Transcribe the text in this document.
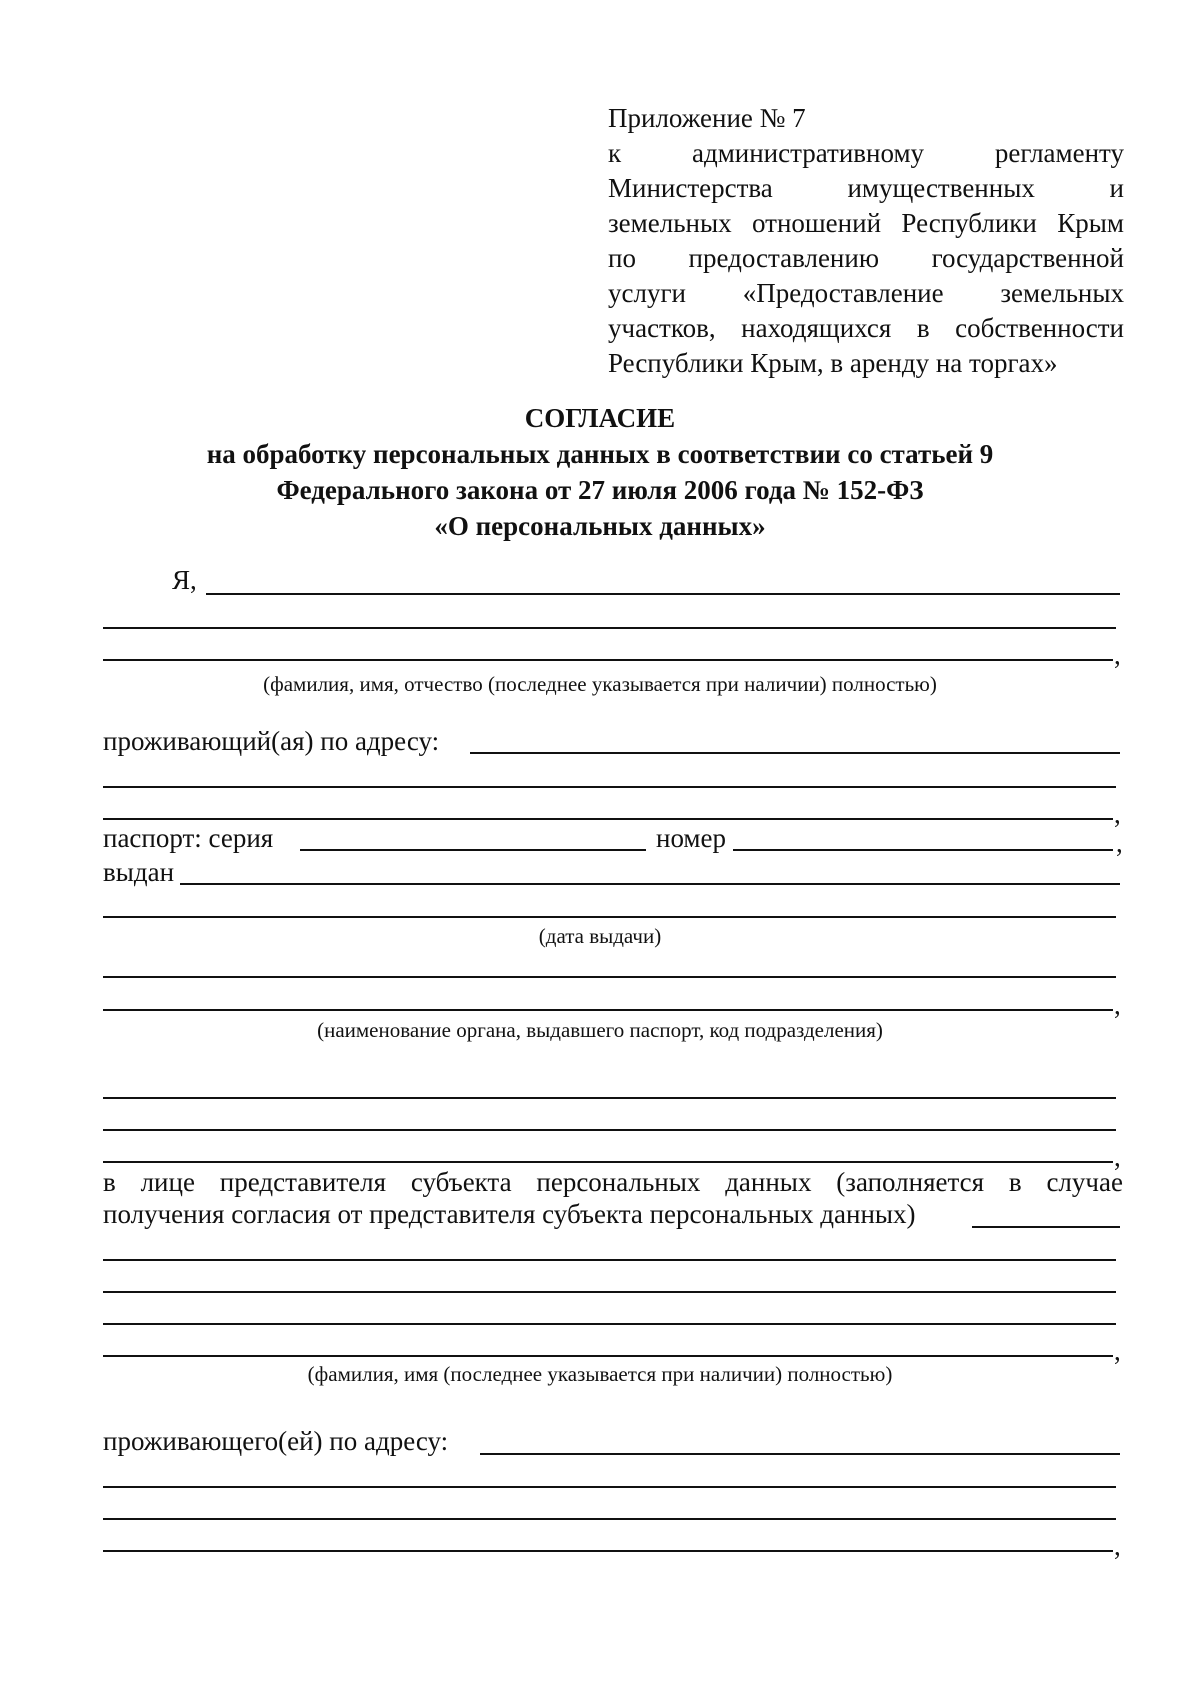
Приложение № 7
к	административному	регламенту
Министерства	имущественных	и
земельных отношений Республики Крым
по предоставлению государственной
услуги «Предоставление земельных
участков, находящихся в собственности
Республики Крым, в аренду на торгах»
СОГЛАСИЕ
на обработку персональных данных в соответствии со статьей 9
Федерального закона от 27 июля 2006 года № 152-ФЗ
«О персональных данных»
Я,
,
(фамилия, имя, отчество (последнее указывается при наличии) полностью)
проживающий(ая) по адресу:
,
паспорт: серия	номер	,
выдан
(дата выдачи)
,
(наименование органа, выдавшего паспорт, код подразделения)
,
в лице представителя субъекта персональных данных (заполняется в случае
получения согласия от представителя субъекта персональных данных)
,
(фамилия, имя (последнее указывается при наличии) полностью)
проживающего(ей) по адресу:
,
